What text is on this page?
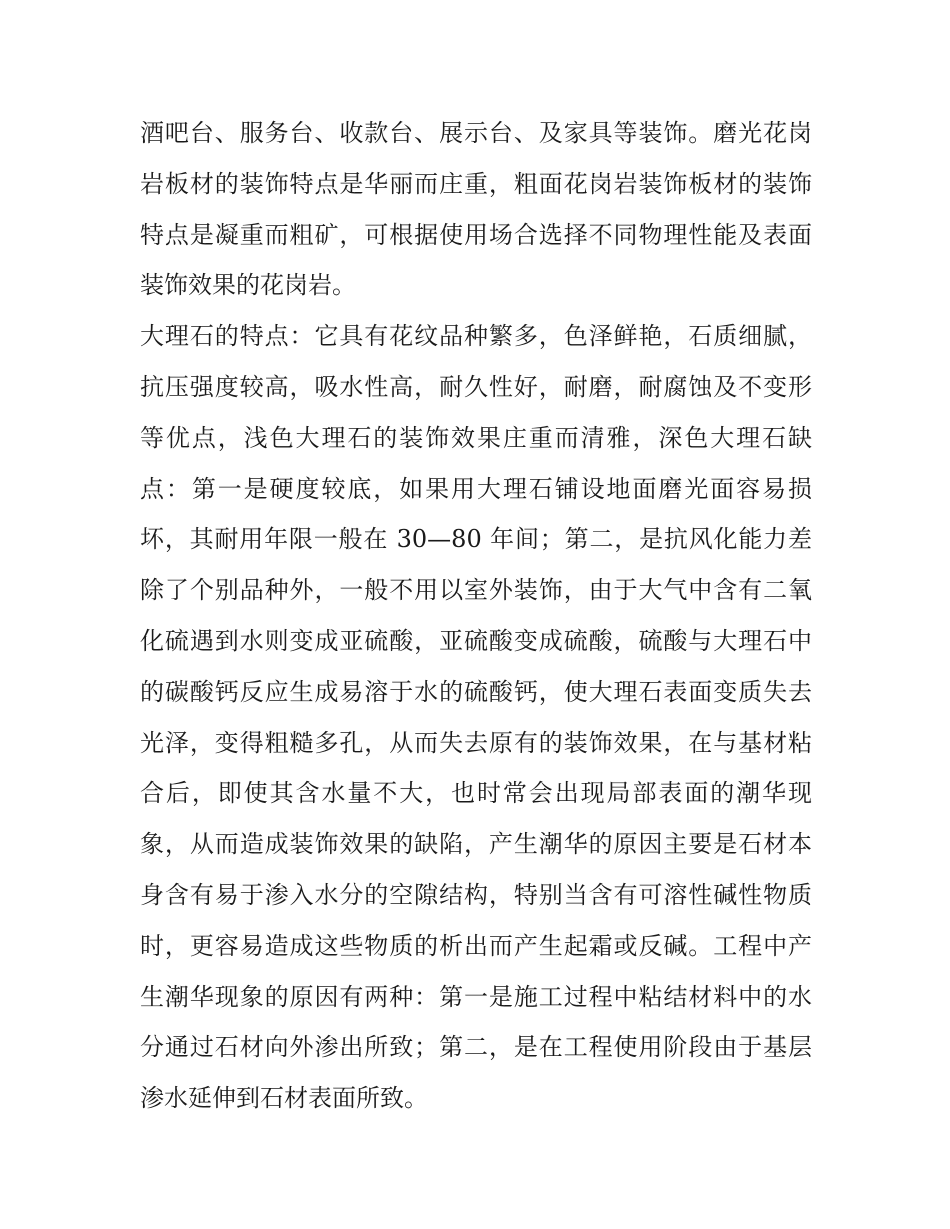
酒吧台、服务台、收款台、展示台、及家具等装饰。磨光花岗
岩板材的装饰特点是华丽而庄重，粗面花岗岩装饰板材的装饰
特点是凝重而粗矿，可根据使用场合选择不同物理性能及表面
装饰效果的花岗岩。
大理石的特点：它具有花纹品种繁多，色泽鲜艳，石质细腻，
抗压强度较高，吸水性高，耐久性好，耐磨，耐腐蚀及不变形
等优点，浅色大理石的装饰效果庄重而清雅，深色大理石缺
点：第一是硬度较底，如果用大理石铺设地面磨光面容易损
坏，其耐用年限一般在 30—80 年间；第二，是抗风化能力差
除了个别品种外，一般不用以室外装饰，由于大气中含有二氧
化硫遇到水则变成亚硫酸，亚硫酸变成硫酸，硫酸与大理石中
的碳酸钙反应生成易溶于水的硫酸钙，使大理石表面变质失去
光泽，变得粗糙多孔，从而失去原有的装饰效果，在与基材粘
合后，即使其含水量不大，也时常会出现局部表面的潮华现
象，从而造成装饰效果的缺陷，产生潮华的原因主要是石材本
身含有易于渗入水分的空隙结构，特别当含有可溶性碱性物质
时，更容易造成这些物质的析出而产生起霜或反碱。工程中产
生潮华现象的原因有两种：第一是施工过程中粘结材料中的水
分通过石材向外渗出所致；第二，是在工程使用阶段由于基层
渗水延伸到石材表面所致。
